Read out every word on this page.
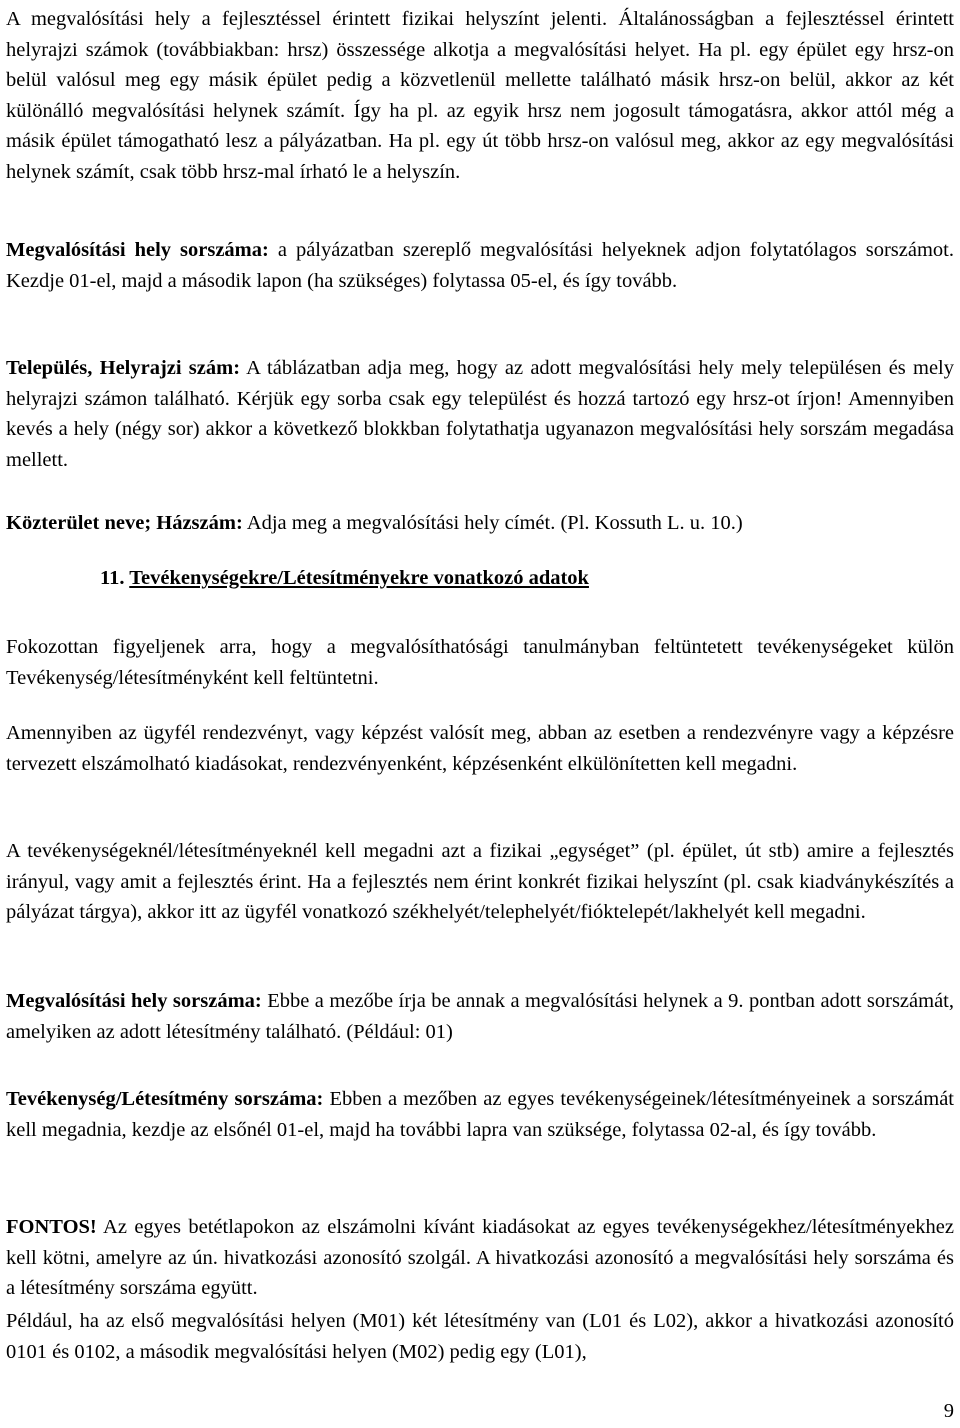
A megvalósítási hely a fejlesztéssel érintett fizikai helyszínt jelenti. Általánosságban a fejlesztéssel érintett helyrajzi számok (továbbiakban: hrsz) összessége alkotja a megvalósítási helyet. Ha pl. egy épület egy hrsz-on belül valósul meg egy másik épület pedig a közvetlenül mellette található másik hrsz-on belül, akkor az két különálló megvalósítási helynek számít. Így ha pl. az egyik hrsz nem jogosult támogatásra, akkor attól még a másik épület támogatható lesz a pályázatban. Ha pl. egy út több hrsz-on valósul meg, akkor az egy megvalósítási helynek számít, csak több hrsz-mal írható le a helyszín.

Megvalósítási hely sorszáma: a pályázatban szereplő megvalósítási helyeknek adjon folytatólagos sorszámot. Kezdje 01-el, majd a második lapon (ha szükséges) folytassa 05-el, és így tovább.

Település, Helyrajzi szám: A táblázatban adja meg, hogy az adott megvalósítási hely mely településen és mely helyrajzi számon található. Kérjük egy sorba csak egy települést és hozzá tartozó egy hrsz-ot írjon! Amennyiben kevés a hely (négy sor) akkor a következő blokkban folytathatja ugyanazon megvalósítási hely sorszám megadása mellett.

Közterület neve; Házszám: Adja meg a megvalósítási hely címét. (Pl. Kossuth L. u. 10.)

11. Tevékenységekre/Létesítményekre vonatkozó adatok

Fokozottan figyeljenek arra, hogy a megvalósíthatósági tanulmányban feltüntetett tevékenységeket külön Tevékenység/létesítményként kell feltüntetni.

Amennyiben az ügyfél rendezvényt, vagy képzést valósít meg, abban az esetben a rendezvényre vagy a képzésre tervezett elszámolható kiadásokat, rendezvényenként, képzésenként elkülönítetten kell megadni.

A tevékenységeknél/létesítményeknél kell megadni azt a fizikai „egységet” (pl. épület, út stb) amire a fejlesztés irányul, vagy amit a fejlesztés érint. Ha a fejlesztés nem érint konkrét fizikai helyszínt (pl. csak kiadványkészítés a pályázat tárgya), akkor itt az ügyfél vonatkozó székhelyét/telephelyét/fióktelepét/lakhelyét kell megadni.

Megvalósítási hely sorszáma: Ebbe a mezőbe írja be annak a megvalósítási helynek a 9. pontban adott sorszámát, amelyiken az adott létesítmény található. (Például: 01)

Tevékenység/Létesítmény sorszáma: Ebben a mezőben az egyes tevékenységeinek/létesítményeinek a sorszámát kell megadnia, kezdje az elsőnél 01-el, majd ha további lapra van szüksége, folytassa 02-al, és így tovább.

FONTOS! Az egyes betétlapokon az elszámolni kívánt kiadásokat az egyes tevékenységekhez/létesítményekhez kell kötni, amelyre az ún. hivatkozási azonosító szolgál. A hivatkozási azonosító a megvalósítási hely sorszáma és a létesítmény sorszáma együtt.

Például, ha az első megvalósítási helyen (M01) két létesítmény van (L01 és L02), akkor a hivatkozási azonosító 0101 és 0102, a második megvalósítási helyen (M02) pedig egy (L01),

9
